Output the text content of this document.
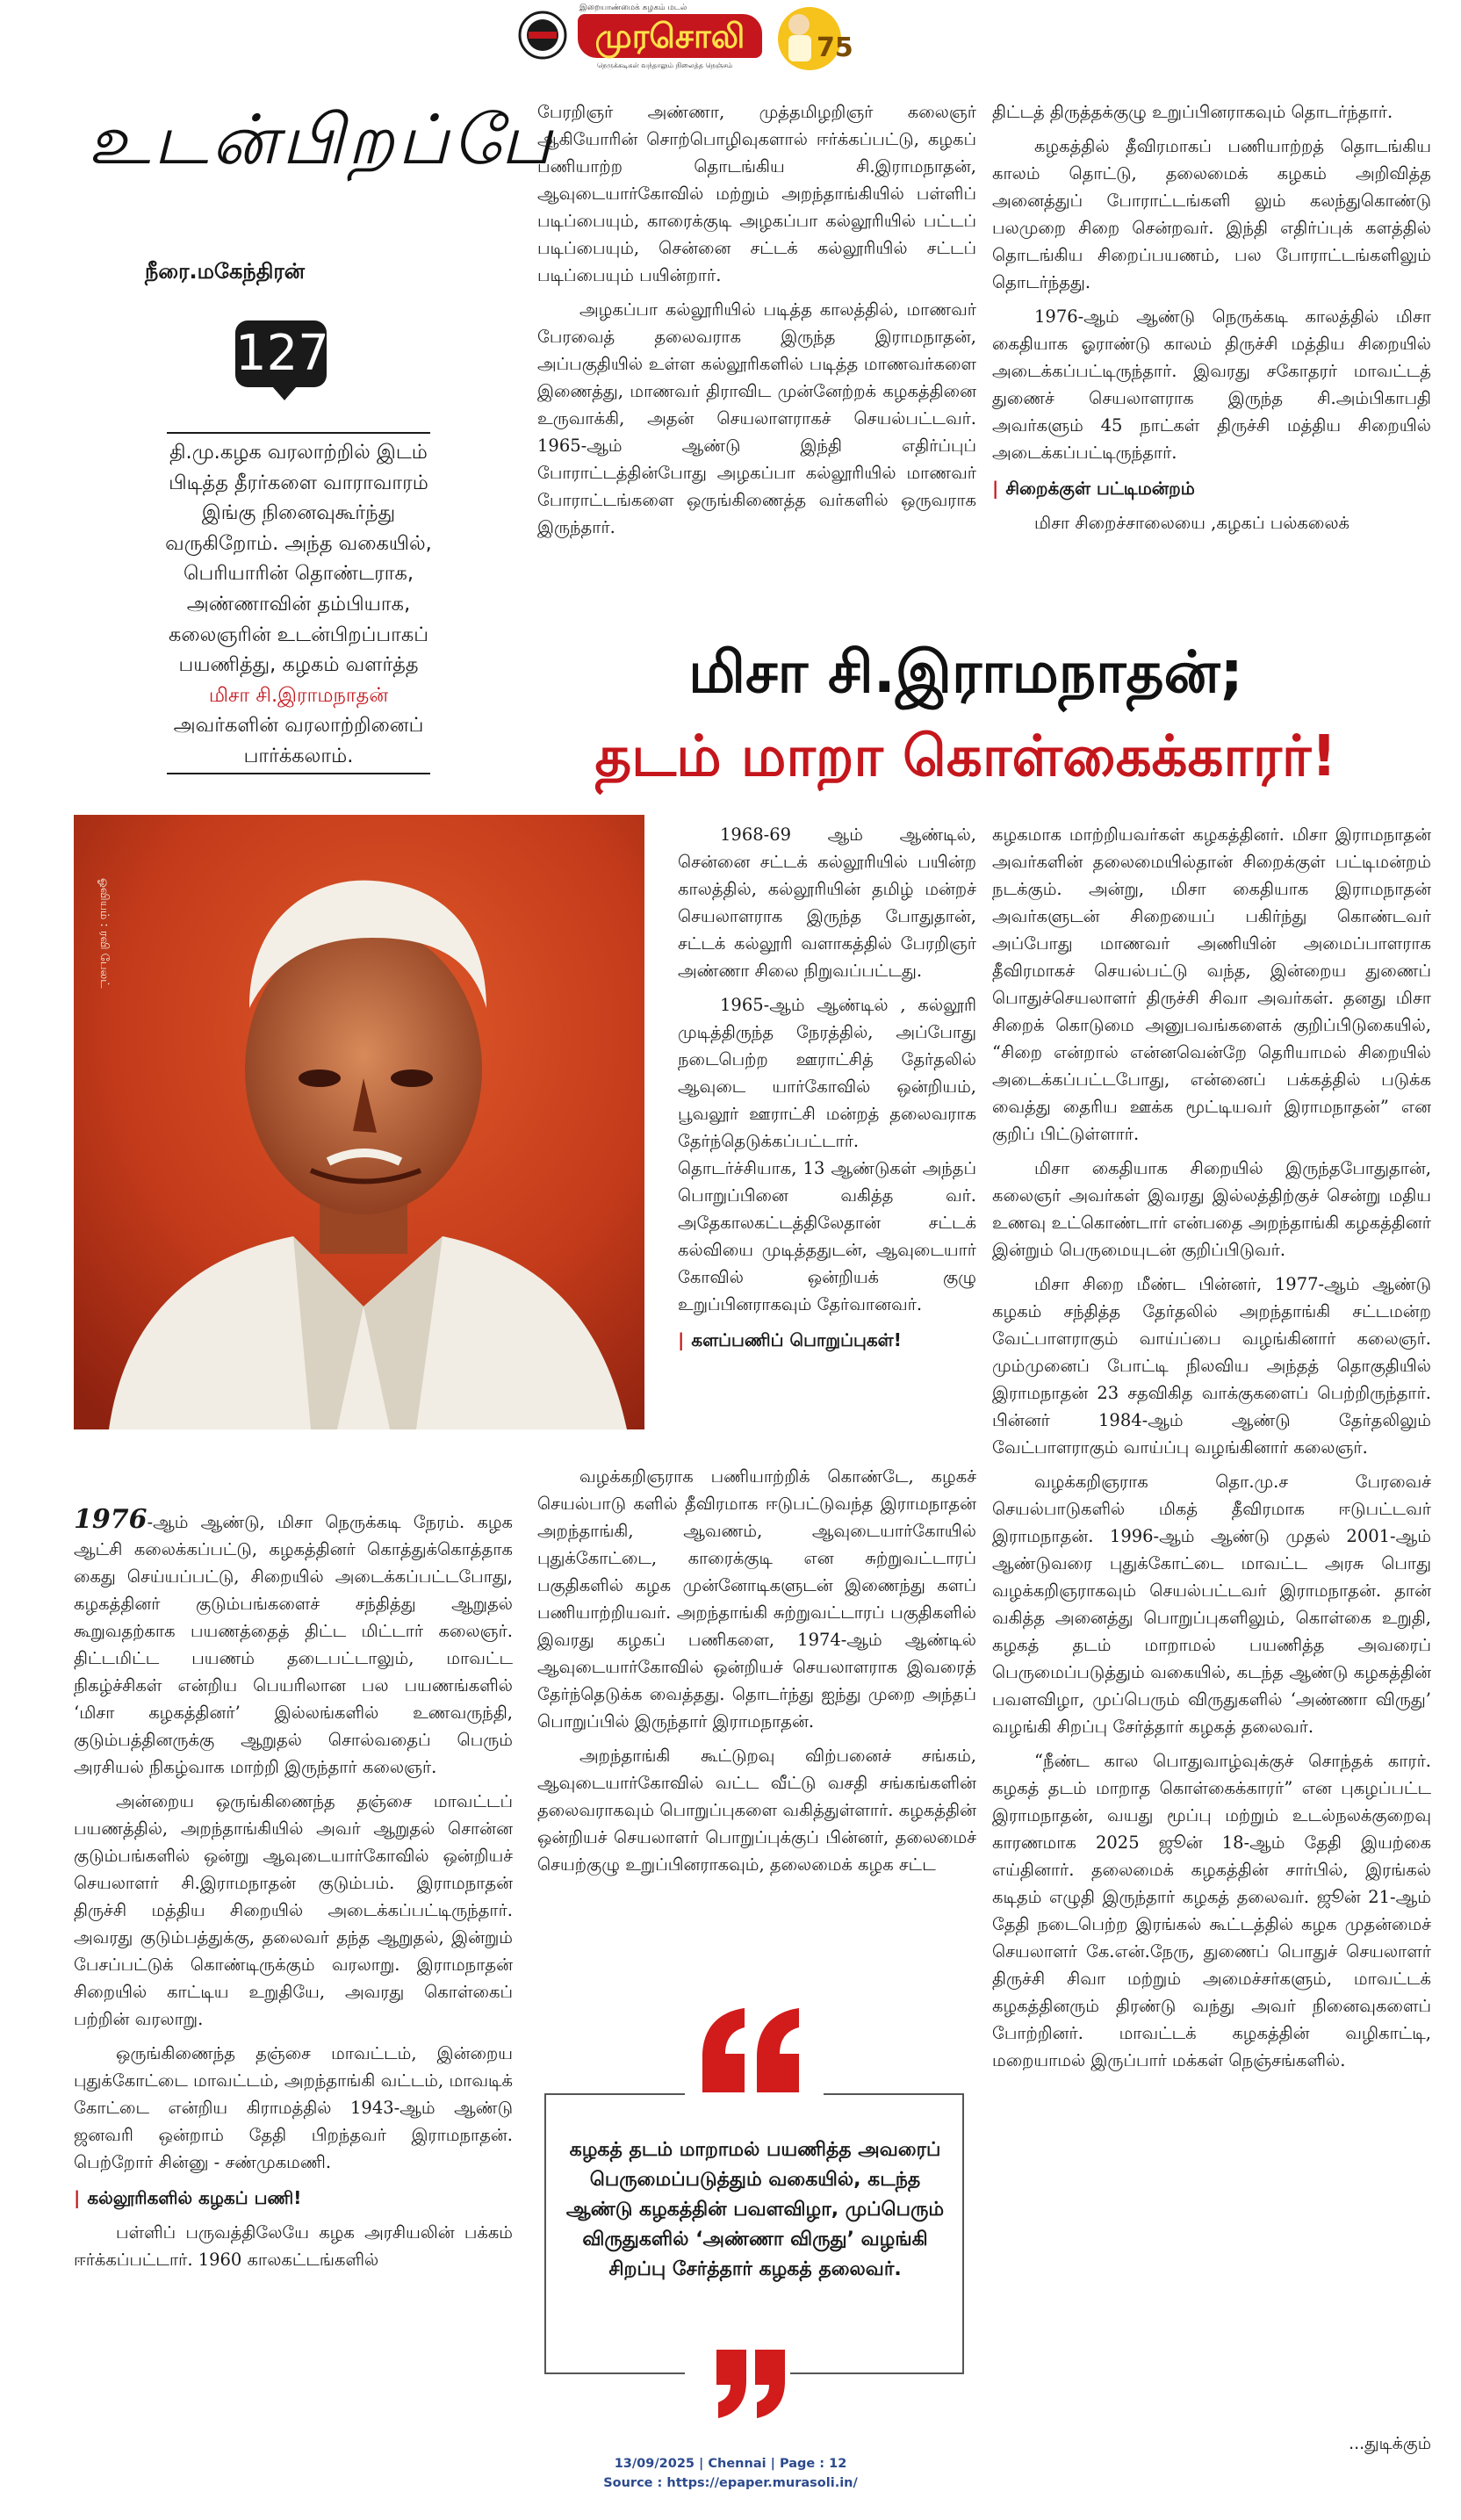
இறையாண்மைக் கழகம் மடல்
முரசொலி
நெருக்கடிகள் வந்தாலும் நிலைத்த நெஞ்சம்
75
உடன்பிறப்பே
நீரை.மகேந்திரன்
127
தி.மு.கழக வரலாற்றில் இடம் பிடித்த தீரர்களை வாராவாரம் இங்கு நினைவுகூர்ந்து வருகிறோம். அந்த வகையில், பெரியாரின் தொண்டராக, அண்ணாவின் தம்பியாக, கலைஞரின் உடன்பிறப்பாகப் பயணித்து, கழகம் வளர்த்த
மிசா சி.இராமநாதன்
அவர்களின் வரலாற்றினைப் பார்க்கலாம்.

பேரறிஞர் அண்ணா, முத்தமிழறிஞர் கலைஞர் ஆகியோரின் சொற்பொழிவுகளால் ஈர்க்கப்பட்டு, கழகப் பணியாற்ற தொடங்கிய சி.இராமநாதன், ஆவுடையார்கோவில் மற்றும் அறந்தாங்கியில் பள்ளிப் படிப்பையும், காரைக்குடி அழகப்பா கல்லூரியில் பட்டப் படிப்பையும், சென்னை சட்டக் கல்லூரியில் சட்டப் படிப்பையும் பயின்றார்.

அழகப்பா கல்லூரியில் படித்த காலத்தில், மாணவர் பேரவைத் தலைவராக இருந்த இராமநாதன், அப்பகுதியில் உள்ள கல்லூரிகளில் படித்த மாணவர்களை இணைத்து, மாணவர் திராவிட முன்னேற்றக் கழகத்தினை உருவாக்கி, அதன் செயலாளராகச் செயல்பட்டவர். 1965-ஆம் ஆண்டு இந்தி எதிர்ப்புப் போராட்டத்தின்போது அழகப்பா கல்லூரியில் மாணவர் போராட்டங்களை ஒருங்கிணைத்த வர்களில் ஒருவராக இருந்தார்.

திட்டத் திருத்தக்குழு உறுப்பினராகவும் தொடர்ந்தார்.

கழகத்தில் தீவிரமாகப் பணியாற்றத் தொடங்கிய காலம் தொட்டு, தலைமைக் கழகம் அறிவித்த அனைத்துப் போராட்டங்களி லும் கலந்துகொண்டு பலமுறை சிறை சென்றவர். இந்தி எதிர்ப்புக் களத்தில் தொடங்கிய சிறைப்பயணம், பல போராட்டங்களிலும் தொடர்ந்தது.

1976-ஆம் ஆண்டு நெருக்கடி காலத்தில் மிசா கைதியாக ஓராண்டு காலம் திருச்சி மத்திய சிறையில் அடைக்கப்பட்டிருந்தார். இவரது சகோதரர் மாவட்டத் துணைச் செயலாளராக இருந்த சி.அம்பிகாபதி அவர்களும் 45 நாட்கள் திருச்சி மத்திய சிறையில் அடைக்கப்பட்டிருந்தார்.

| சிறைக்குள் பட்டிமன்றம்

மிசா சிறைச்சாலையை ,கழகப் பல்கலைக்

மிசா சி.இராமநாதன்;
தடம் மாறா கொள்கைக்காரர்!
ஓவியம் : ரவி பேலட்

1968-69 ஆம் ஆண்டில், சென்னை சட்டக் கல்லூரியில் பயின்ற காலத்தில், கல்லூரியின் தமிழ் மன்றச் செயலாளராக இருந்த போதுதான், சட்டக் கல்லூரி வளாகத்தில் பேரறிஞர் அண்ணா சிலை நிறுவப்பட்டது.

1965-ஆம் ஆண்டில் , கல்லூரி முடித்திருந்த நேரத்தில், அப்போது நடைபெற்ற ஊராட்சித் தேர்தலில் ஆவுடை யார்கோவில் ஒன்றியம், பூவலூர் ஊராட்சி மன்றத் தலைவராக தேர்ந்தெடுக்கப்பட்டார். தொடர்ச்சியாக, 13 ஆண்டுகள் அந்தப் பொறுப்பினை வகித்த வர். அதேகாலகட்டத்திலேதான் சட்டக் கல்வியை முடித்ததுடன், ஆவுடையார் கோவில் ஒன்றியக் குழு உறுப்பினராகவும் தேர்வானவர்.

| களப்பணிப் பொறுப்புகள்!

வழக்கறிஞராக பணியாற்றிக் கொண்டே, கழகச் செயல்பாடு களில் தீவிரமாக ஈடுபட்டுவந்த இராமநாதன் அறந்தாங்கி, ஆவணம், ஆவுடையார்கோயில் புதுக்கோட்டை, காரைக்குடி என சுற்றுவட்டாரப் பகுதிகளில் கழக முன்னோடிகளுடன் இணைந்து களப் பணியாற்றியவர். அறந்தாங்கி சுற்றுவட்டாரப் பகுதிகளில் இவரது கழகப் பணிகளை, 1974-ஆம் ஆண்டில் ஆவுடையார்கோவில் ஒன்றியச் செயலாளராக இவரைத் தேர்ந்தெடுக்க வைத்தது. தொடர்ந்து ஐந்து முறை அந்தப் பொறுப்பில் இருந்தார் இராமநாதன்.

அறந்தாங்கி கூட்டுறவு விற்பனைச் சங்கம், ஆவுடையார்கோவில் வட்ட வீட்டு வசதி சங்கங்களின் தலைவராகவும் பொறுப்புகளை வகித்துள்ளார். கழகத்தின் ஒன்றியச் செயலாளர் பொறுப்புக்குப் பின்னர், தலைமைச் செயற்குழு உறுப்பினராகவும், தலைமைக் கழக சட்ட

கழகமாக மாற்றியவர்கள் கழகத்தினர். மிசா இராமநாதன் அவர்களின் தலைமையில்தான் சிறைக்குள் பட்டிமன்றம் நடக்கும். அன்று, மிசா கைதியாக இராமநாதன் அவர்களுடன் சிறையைப் பகிர்ந்து கொண்டவர் அப்போது மாணவர் அணியின் அமைப்பாளராக தீவிரமாகச் செயல்பட்டு வந்த, இன்றைய துணைப் பொதுச்செயலாளர் திருச்சி சிவா அவர்கள். தனது மிசா சிறைக் கொடுமை அனுபவங்களைக் குறிப்பிடுகையில், “சிறை என்றால் என்னவென்றே தெரியாமல் சிறையில் அடைக்கப்பட்டபோது, என்னைப் பக்கத்தில் படுக்க வைத்து தைரிய ஊக்க மூட்டியவர் இராமநாதன்” என குறிப் பிட்டுள்ளார்.

மிசா கைதியாக சிறையில் இருந்தபோதுதான், கலைஞர் அவர்கள் இவரது இல்லத்திற்குச் சென்று மதிய உணவு உட்கொண்டார் என்பதை அறந்தாங்கி கழகத்தினர் இன்றும் பெருமையுடன் குறிப்பிடுவர்.

மிசா சிறை மீண்ட பின்னர், 1977-ஆம் ஆண்டு கழகம் சந்தித்த தேர்தலில் அறந்தாங்கி சட்டமன்ற வேட்பாளராகும் வாய்ப்பை வழங்கினார் கலைஞர். மும்முனைப் போட்டி நிலவிய அந்தத் தொகுதியில் இராமநாதன் 23 சதவிகித வாக்குகளைப் பெற்றிருந்தார். பின்னர் 1984-ஆம் ஆண்டு தேர்தலிலும் வேட்பாளராகும் வாய்ப்பு வழங்கினார் கலைஞர்.

வழக்கறிஞராக தொ.மு.ச பேரவைச் செயல்பாடுகளில் மிகத் தீவிரமாக ஈடுபட்டவர் இராமநாதன். 1996-ஆம் ஆண்டு முதல் 2001-ஆம் ஆண்டுவரை புதுக்கோட்டை மாவட்ட அரசு பொது வழக்கறிஞராகவும் செயல்பட்டவர் இராமநாதன். தான் வகித்த அனைத்து பொறுப்புகளிலும், கொள்கை உறுதி, கழகத் தடம் மாறாமல் பயணித்த அவரைப் பெருமைப்படுத்தும் வகையில், கடந்த ஆண்டு கழகத்தின் பவளவிழா, முப்பெரும் விருதுகளில் ‘அண்ணா விருது’ வழங்கி சிறப்பு சேர்த்தார் கழகத் தலைவர்.

“நீண்ட கால பொதுவாழ்வுக்குச் சொந்தக் காரர். கழகத் தடம் மாறாத கொள்கைக்காரர்” என புகழப்பட்ட இராமநாதன், வயது மூப்பு மற்றும் உடல்நலக்குறைவு காரணமாக 2025 ஜூன் 18-ஆம் தேதி இயற்கை எய்தினார். தலைமைக் கழகத்தின் சார்பில், இரங்கல் கடிதம் எழுதி இருந்தார் கழகத் தலைவர். ஜூன் 21-ஆம் தேதி நடைபெற்ற இரங்கல் கூட்டத்தில் கழக முதன்மைச் செயலாளர் கே.என்.நேரு, துணைப் பொதுச் செயலாளர் திருச்சி சிவா மற்றும் அமைச்சர்களும், மாவட்டக் கழகத்தினரும் திரண்டு வந்து அவர் நினைவுகளைப் போற்றினர். மாவட்டக் கழகத்தின் வழிகாட்டி, மறையாமல் இருப்பார் மக்கள் நெஞ்சங்களில்.

1976-ஆம் ஆண்டு, மிசா நெருக்கடி நேரம். கழக ஆட்சி கலைக்கப்பட்டு, கழகத்தினர் கொத்துக்கொத்தாக கைது செய்யப்பட்டு, சிறையில் அடைக்கப்பட்டபோது, கழகத்தினர் குடும்பங்களைச் சந்தித்து ஆறுதல் கூறுவதற்காக பயணத்தைத் திட்ட மிட்டார் கலைஞர். திட்டமிட்ட பயணம் தடைபட்டாலும், மாவட்ட நிகழ்ச்சிகள் என்றிய பெயரிலான பல பயணங்களில் ‘மிசா கழகத்தினர்’ இல்லங்களில் உணவருந்தி, குடும்பத்தினருக்கு ஆறுதல் சொல்வதைப் பெரும் அரசியல் நிகழ்வாக மாற்றி இருந்தார் கலைஞர்.

அன்றைய ஒருங்கிணைந்த தஞ்சை மாவட்டப் பயணத்தில், அறந்தாங்கியில் அவர் ஆறுதல் சொன்ன குடும்பங்களில் ஒன்று ஆவுடையார்கோவில் ஒன்றியச் செயலாளர் சி.இராமநாதன் குடும்பம். இராமநாதன் திருச்சி மத்திய சிறையில் அடைக்கப்பட்டிருந்தார். அவரது குடும்பத்துக்கு, தலைவர் தந்த ஆறுதல், இன்றும் பேசப்பட்டுக் கொண்டிருக்கும் வரலாறு. இராமநாதன் சிறையில் காட்டிய உறுதியே, அவரது கொள்கைப் பற்றின் வரலாறு.

ஒருங்கிணைந்த தஞ்சை மாவட்டம், இன்றைய புதுக்கோட்டை மாவட்டம், அறந்தாங்கி வட்டம், மாவடிக் கோட்டை என்றிய கிராமத்தில் 1943-ஆம் ஆண்டு ஜனவரி ஒன்றாம் தேதி பிறந்தவர் இராமநாதன். பெற்றோர் சின்னு - சண்முகமணி.

| கல்லூரிகளில் கழகப் பணி!

பள்ளிப் பருவத்திலேயே கழக அரசியலின் பக்கம் ஈர்க்கப்பட்டார். 1960 காலகட்டங்களில்

கழகத் தடம் மாறாமல் பயணித்த அவரைப் பெருமைப்படுத்தும் வகையில், கடந்த ஆண்டு கழகத்தின் பவளவிழா, முப்பெரும் விருதுகளில் ‘அண்ணா விருது’ வழங்கி சிறப்பு சேர்த்தார் கழகத் தலைவர்.
...துடிக்கும்
13/09/2025 | Chennai | Page : 12
Source : https://epaper.murasoli.in/
